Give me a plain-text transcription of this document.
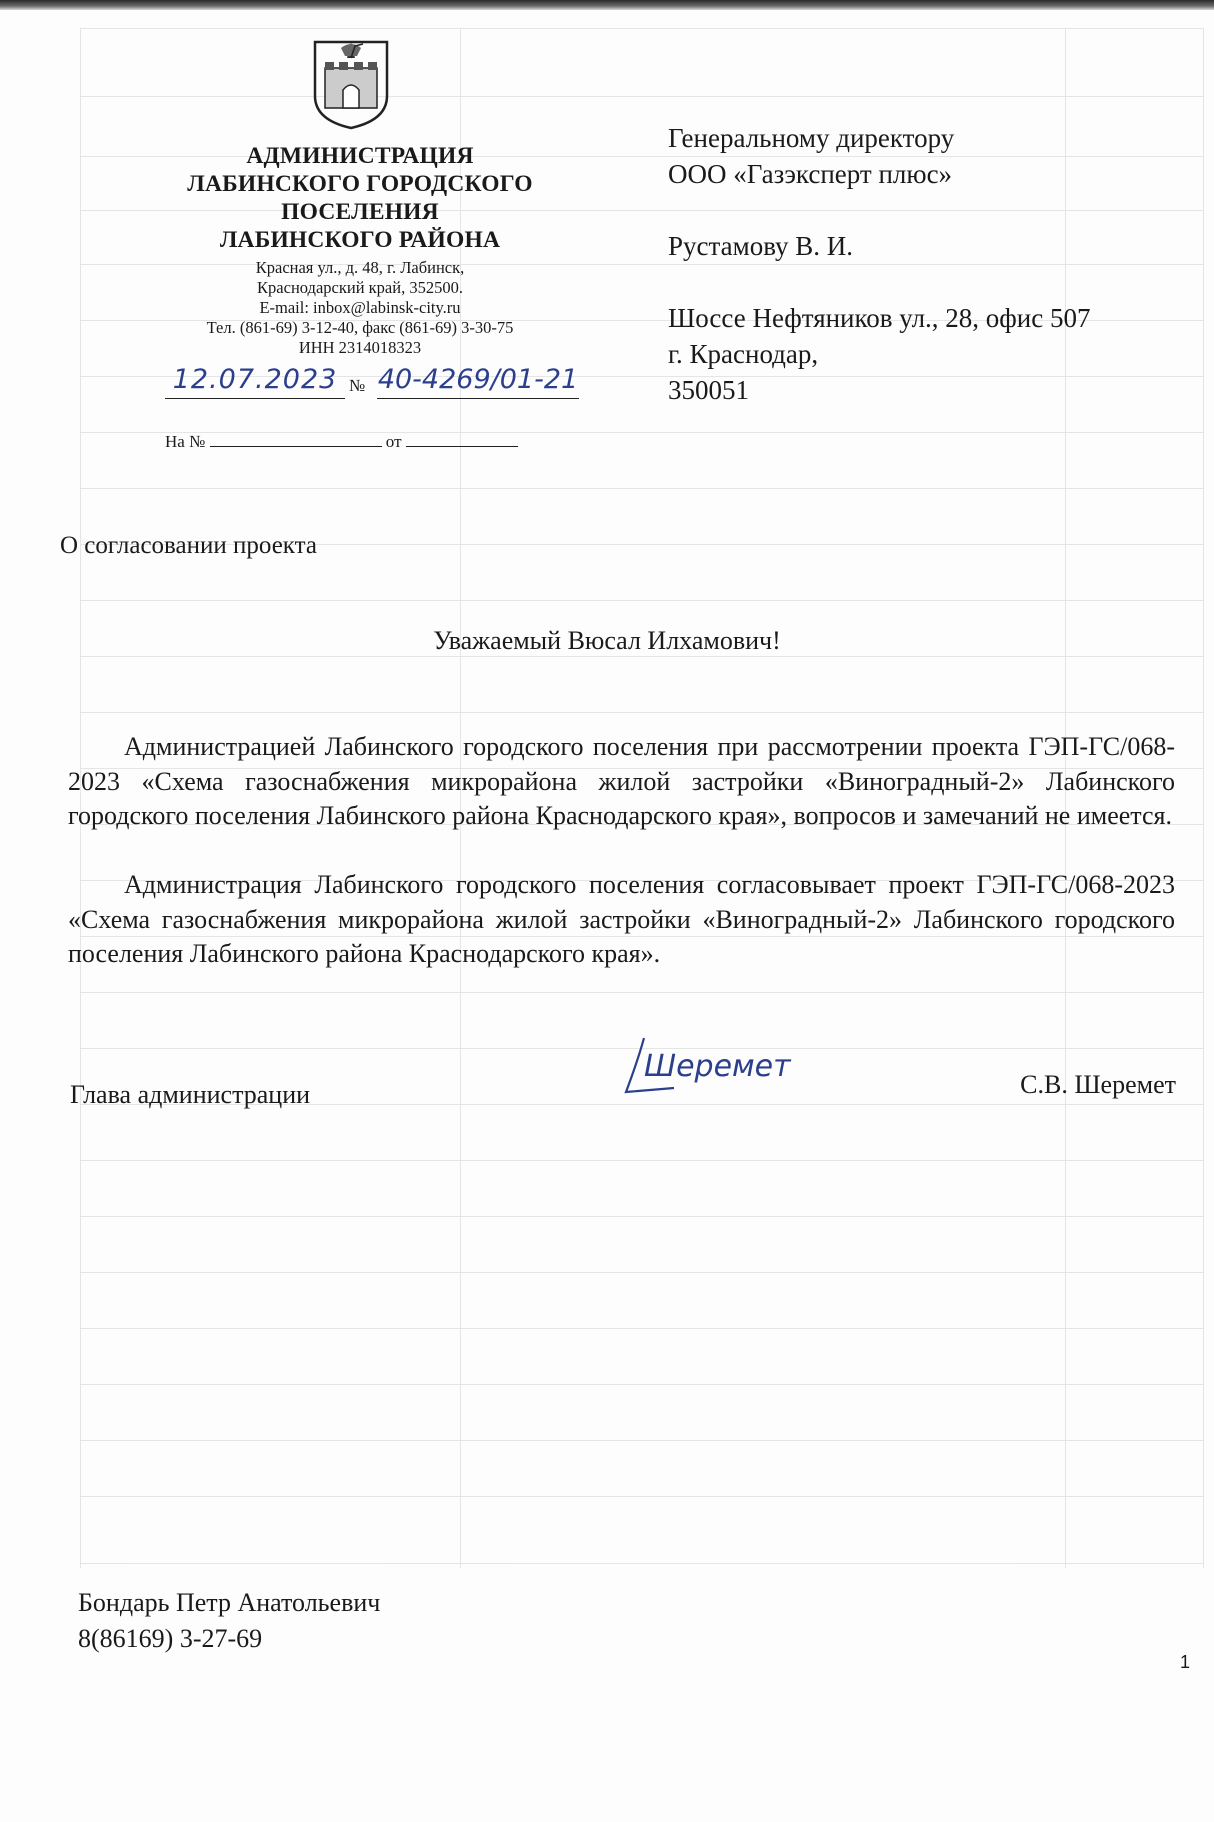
АДМИНИСТРАЦИЯ
ЛАБИНСКОГО ГОРОДСКОГО
ПОСЕЛЕНИЯ
ЛАБИНСКОГО РАЙОНА
Красная ул., д. 48, г. Лабинск,
Краснодарский край, 352500.
E-mail: inbox@labinsk-city.ru
Тел. (861-69) 3-12-40, факс (861-69) 3-30-75
ИНН 2314018323
12.07.2023 № 40-4269/01-21
На №	от
Генеральному директору
ООО «Газэксперт плюс»
Рустамову В. И.
Шоссе Нефтяников ул., 28, офис 507
г. Краснодар,
350051
О согласовании проекта
Уважаемый Вюсал Илхамович!
Администрацией Лабинского городского поселения при рассмотрении проекта ГЭП-ГС/068-2023 «Схема газоснабжения микрорайона жилой застройки «Виноградный-2» Лабинского городского поселения Лабинского района Краснодарского края», вопросов и замечаний не имеется.
Администрация Лабинского городского поселения согласовывает проект ГЭП-ГС/068-2023 «Схема газоснабжения микрорайона жилой застройки «Виноградный-2» Лабинского городского поселения Лабинского района Краснодарского края».
Глава администрации
Шеремет
С.В. Шеремет
Бондарь Петр Анатольевич
8(86169) 3-27-69
1
